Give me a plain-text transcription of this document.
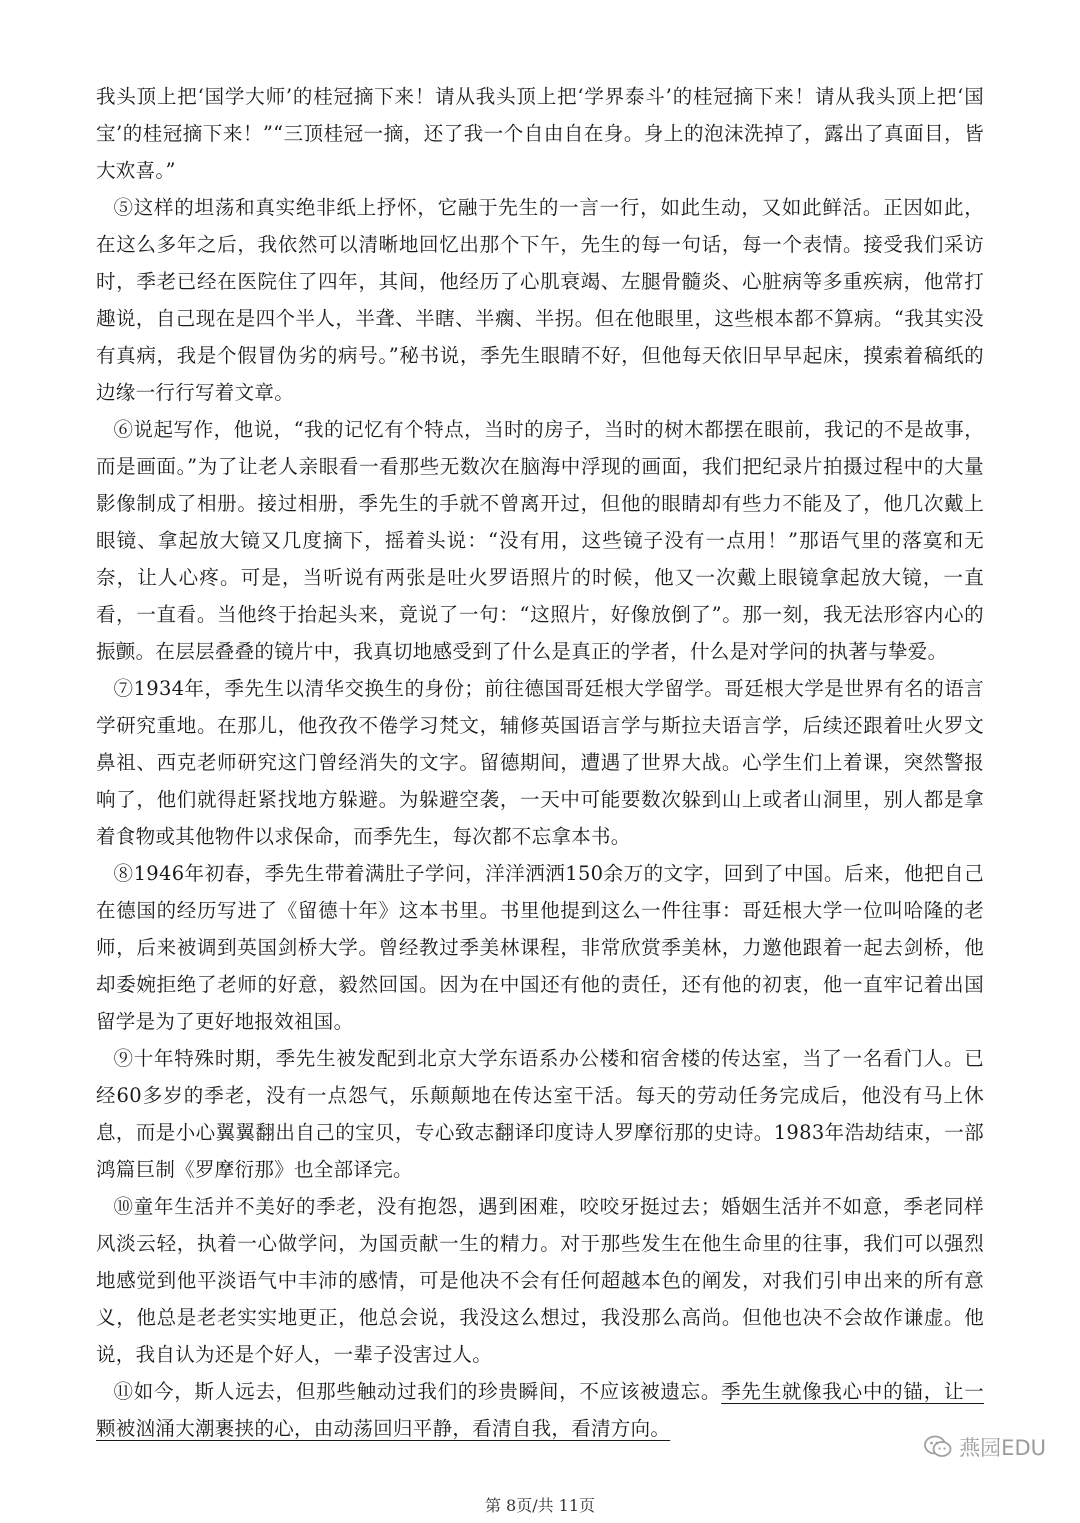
我头顶上把‘国学大师’的桂冠摘下来！请从我头顶上把‘学界泰斗’的桂冠摘下来！请从我头顶上把‘国宝’的桂冠摘下来！”“三顶桂冠一摘，还了我一个自由自在身。身上的泡沫洗掉了，露出了真面目，皆大欢喜。”

⑤这样的坦荡和真实绝非纸上抒怀，它融于先生的一言一行，如此生动，又如此鲜活。正因如此，在这么多年之后，我依然可以清晰地回忆出那个下午，先生的每一句话，每一个表情。接受我们采访时，季老已经在医院住了四年，其间，他经历了心肌衰竭、左腿骨髓炎、心脏病等多重疾病，他常打趣说，自己现在是四个半人，半聋、半瞎、半瘸、半拐。但在他眼里，这些根本都不算病。“我其实没有真病，我是个假冒伪劣的病号。”秘书说，季先生眼睛不好，但他每天依旧早早起床，摸索着稿纸的边缘一行行写着文章。

⑥说起写作，他说，“我的记忆有个特点，当时的房子，当时的树木都摆在眼前，我记的不是故事，而是画面。”为了让老人亲眼看一看那些无数次在脑海中浮现的画面，我们把纪录片拍摄过程中的大量影像制成了相册。接过相册，季先生的手就不曾离开过，但他的眼睛却有些力不能及了，他几次戴上眼镜、拿起放大镜又几度摘下，摇着头说：“没有用，这些镜子没有一点用！”那语气里的落寞和无奈，让人心疼。可是，当听说有两张是吐火罗语照片的时候，他又一次戴上眼镜拿起放大镜，一直看，一直看。当他终于抬起头来，竟说了一句：“这照片，好像放倒了”。那一刻，我无法形容内心的振颤。在层层叠叠的镜片中，我真切地感受到了什么是真正的学者，什么是对学问的执著与挚爱。

⑦1934年，季先生以清华交换生的身份；前往德国哥廷根大学留学。哥廷根大学是世界有名的语言学研究重地。在那儿，他孜孜不倦学习梵文，辅修英国语言学与斯拉夫语言学，后续还跟着吐火罗文鼻祖、西克老师研究这门曾经消失的文字。留德期间，遭遇了世界大战。心学生们上着课，突然警报响了，他们就得赶紧找地方躲避。为躲避空袭，一天中可能要数次躲到山上或者山洞里，别人都是拿着食物或其他物件以求保命，而季先生，每次都不忘拿本书。

⑧1946年初春，季先生带着满肚子学问，洋洋洒洒150余万的文字，回到了中国。后来，他把自己在德国的经历写进了《留德十年》这本书里。书里他提到这么一件往事：哥廷根大学一位叫哈隆的老师，后来被调到英国剑桥大学。曾经教过季美林课程，非常欣赏季美林，力邀他跟着一起去剑桥，他却委婉拒绝了老师的好意，毅然回国。因为在中国还有他的责任，还有他的初衷，他一直牢记着出国留学是为了更好地报效祖国。

⑨十年特殊时期，季先生被发配到北京大学东语系办公楼和宿舍楼的传达室，当了一名看门人。已经60多岁的季老，没有一点怨气，乐颠颠地在传达室干活。每天的劳动任务完成后，他没有马上休息，而是小心翼翼翻出自己的宝贝，专心致志翻译印度诗人罗摩衍那的史诗。1983年浩劫结束，一部鸿篇巨制《罗摩衍那》也全部译完。

⑩童年生活并不美好的季老，没有抱怨，遇到困难，咬咬牙挺过去；婚姻生活并不如意，季老同样风淡云轻，执着一心做学问，为国贡献一生的精力。对于那些发生在他生命里的往事，我们可以强烈地感觉到他平淡语气中丰沛的感情，可是他决不会有任何超越本色的阐发，对我们引申出来的所有意义，他总是老老实实地更正，他总会说，我没这么想过，我没那么高尚。但他也决不会故作谦虚。他说，我自认为还是个好人，一辈子没害过人。

⑪如今，斯人远去，但那些触动过我们的珍贵瞬间，不应该被遗忘。季先生就像我心中的锚，让一颗被汹涌大潮裹挟的心，由动荡回归平静，看清自我，看清方向。

燕园EDU
第 8页/共 11页
